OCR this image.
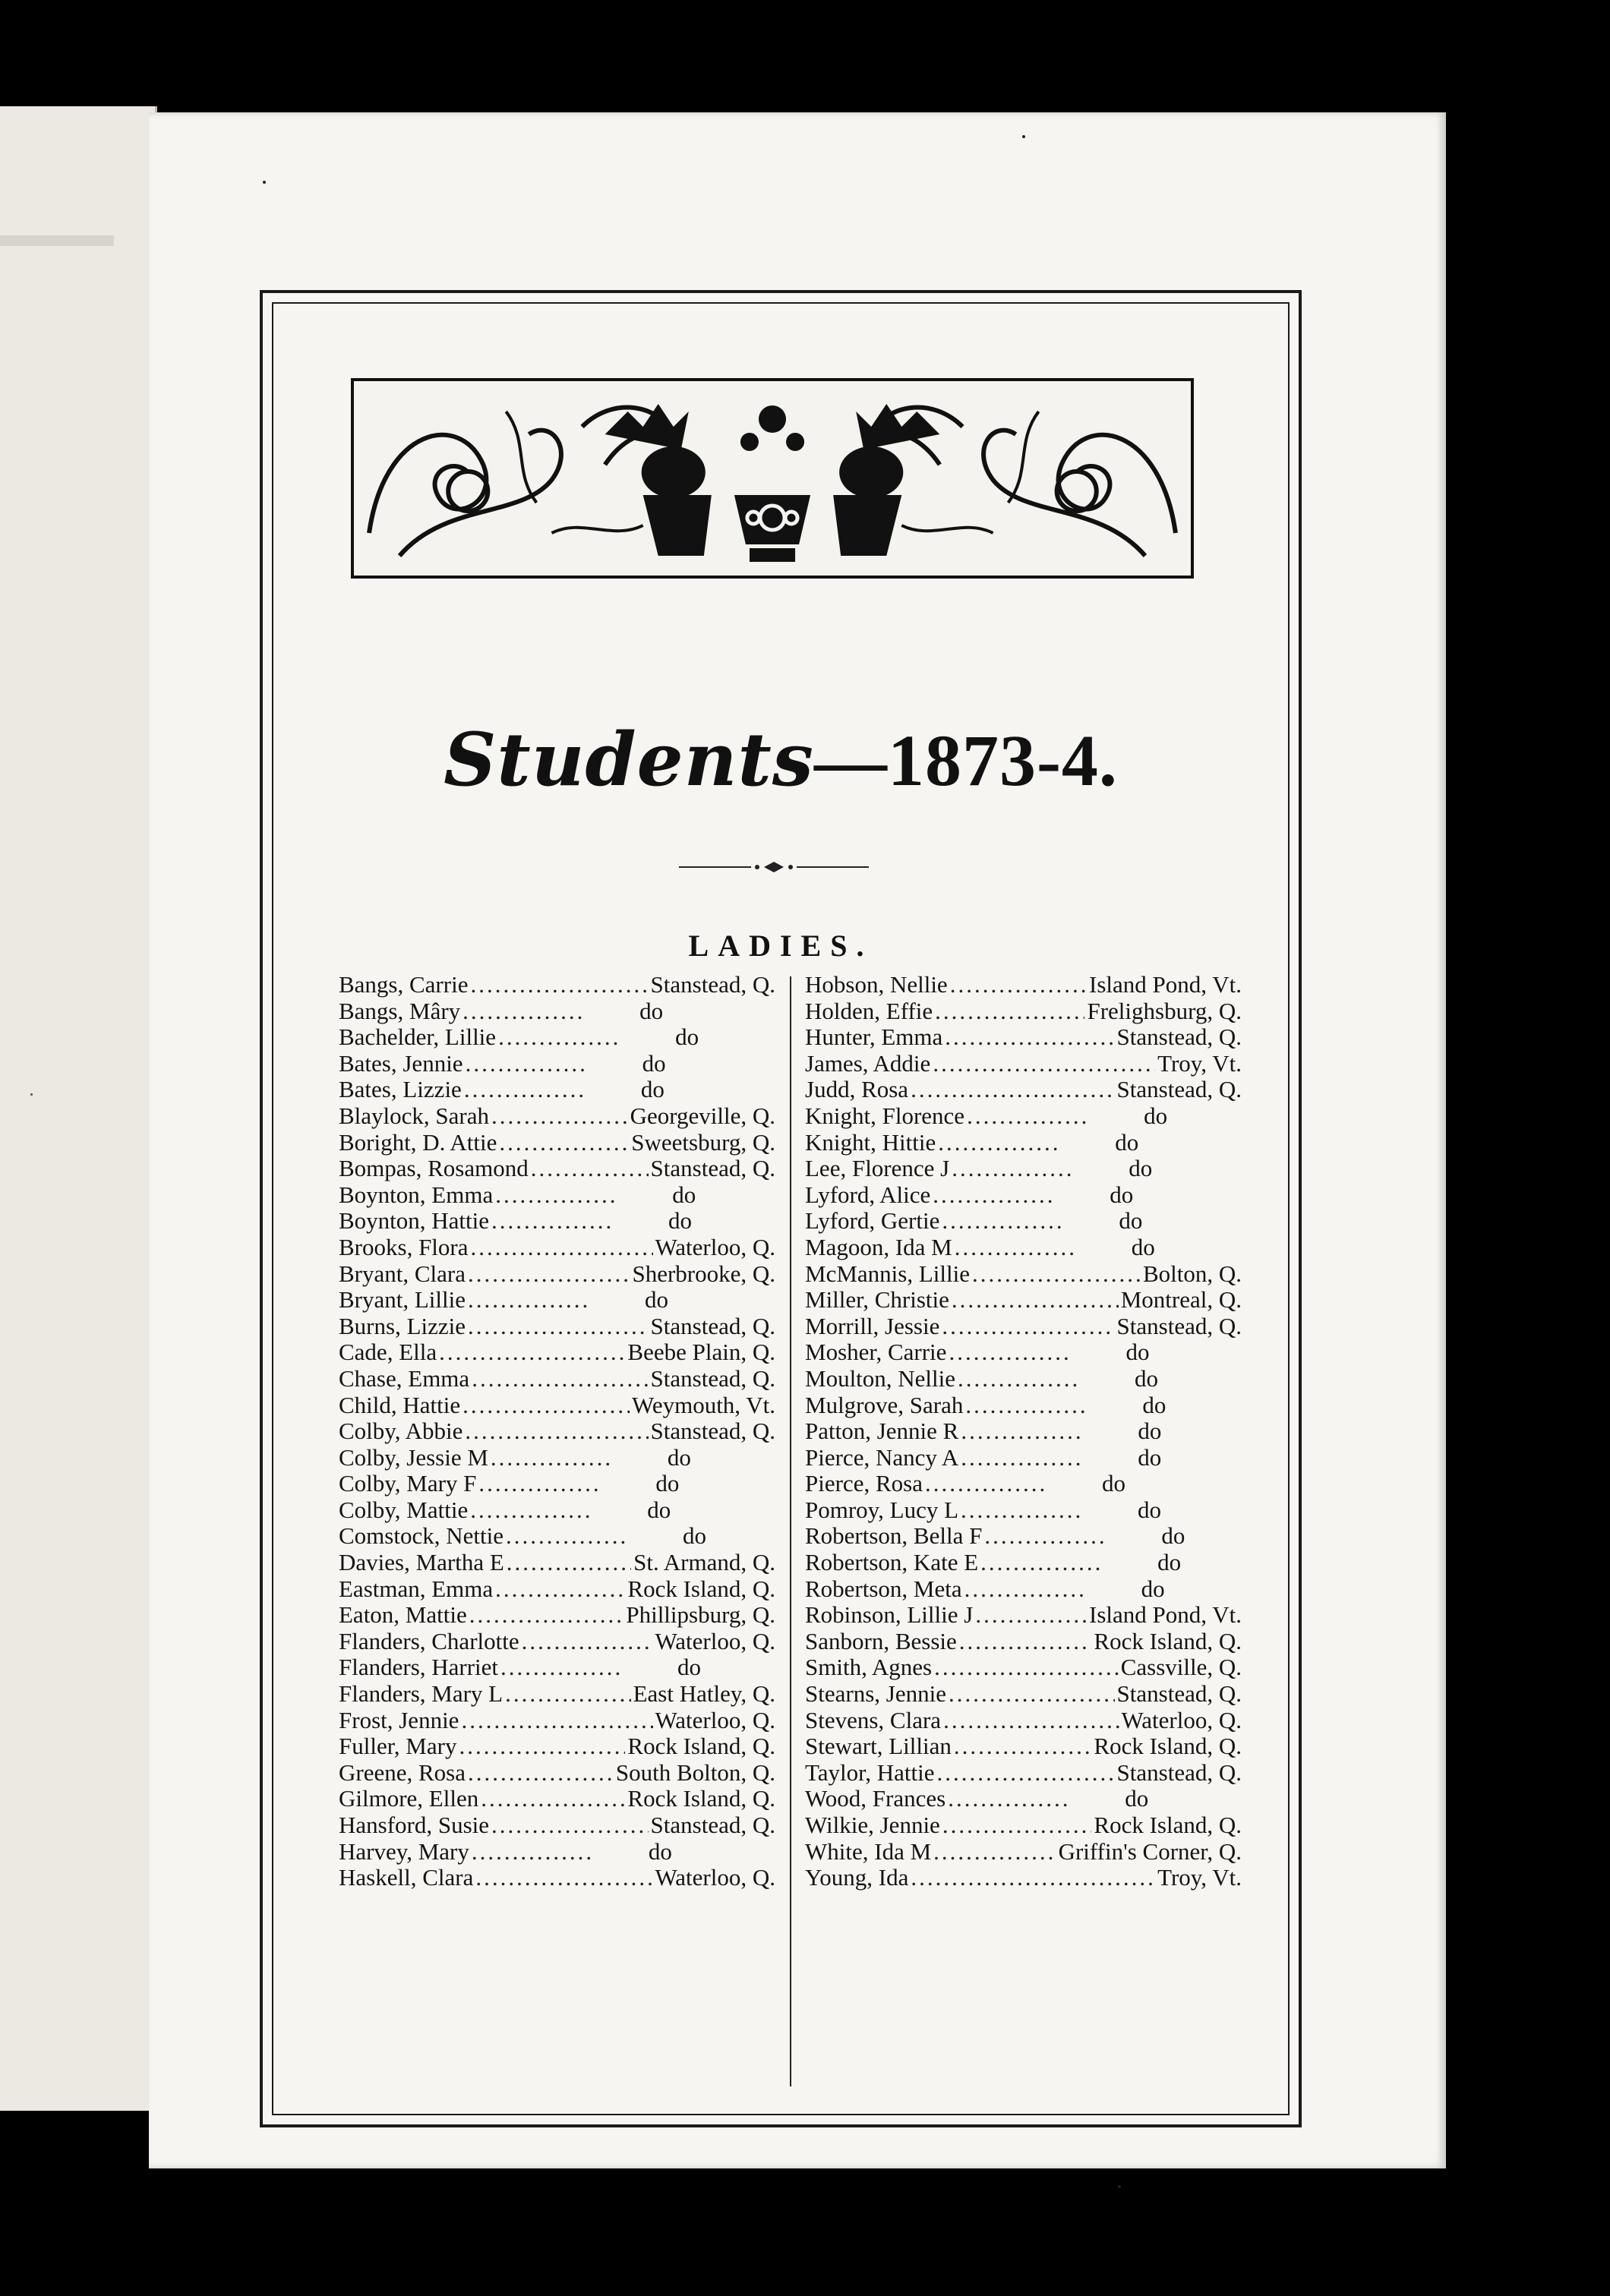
Students—1873-4.
LADIES.
Bangs, Carrie .....	Stanstead, Q.
Bangs, Mâry .....	do
Bachelder, Lillie .....	do
Bates, Jennie .....	do
Bates, Lizzie .....	do
Blaylock, Sarah .....	Georgeville, Q.
Boright, D. Attie .....	Sweetsburg, Q.
Bompas, Rosamond .....	Stanstead, Q.
Boynton, Emma .....	do
Boynton, Hattie .....	do
Brooks, Flora .....	Waterloo, Q.
Bryant, Clara .....	Sherbrooke, Q.
Bryant, Lillie .....	do
Burns, Lizzie .....	Stanstead, Q.
Cade, Ella .....	Beebe Plain, Q.
Chase, Emma .....	Stanstead, Q.
Child, Hattie .....	Weymouth, Vt.
Colby, Abbie .....	Stanstead, Q.
Colby, Jessie M .....	do
Colby, Mary F .....	do
Colby, Mattie .....	do
Comstock, Nettie .....	do
Davies, Martha E .....	St. Armand, Q.
Eastman, Emma .....	Rock Island, Q.
Eaton, Mattie .....	Phillipsburg, Q.
Flanders, Charlotte .....	Waterloo, Q.
Flanders, Harriet .....	do
Flanders, Mary L .....	East Hatley, Q.
Frost, Jennie .....	Waterloo, Q.
Fuller, Mary .....	Rock Island, Q.
Greene, Rosa .....	South Bolton, Q.
Gilmore, Ellen .....	Rock Island, Q.
Hansford, Susie .....	Stanstead, Q.
Harvey, Mary .....	do
Haskell, Clara .....	Waterloo, Q.
Hobson, Nellie .....	Island Pond, Vt.
Holden, Effie .....	Frelighsburg, Q.
Hunter, Emma .....	Stanstead, Q.
James, Addie .....	Troy, Vt.
Judd, Rosa .....	Stanstead, Q.
Knight, Florence .....	do
Knight, Hittie .....	do
Lee, Florence J .....	do
Lyford, Alice .....	do
Lyford, Gertie .....	do
Magoon, Ida M .....	do
McMannis, Lillie .....	Bolton, Q.
Miller, Christie .....	Montreal, Q.
Morrill, Jessie .....	Stanstead, Q.
Mosher, Carrie .....	do
Moulton, Nellie .....	do
Mulgrove, Sarah .....	do
Patton, Jennie R .....	do
Pierce, Nancy A .....	do
Pierce, Rosa .....	do
Pomroy, Lucy L .....	do
Robertson, Bella F .....	do
Robertson, Kate E .....	do
Robertson, Meta .....	do
Robinson, Lillie J .....	Island Pond, Vt.
Sanborn, Bessie .....	Rock Island, Q.
Smith, Agnes .....	Cassville, Q.
Stearns, Jennie .....	Stanstead, Q.
Stevens, Clara .....	Waterloo, Q.
Stewart, Lillian .....	Rock Island, Q.
Taylor, Hattie .....	Stanstead, Q.
Wood, Frances .....	do
Wilkie, Jennie .....	Rock Island, Q.
White, Ida M .....	Griffin's Corner, Q.
Young, Ida .....	Troy, Vt.
